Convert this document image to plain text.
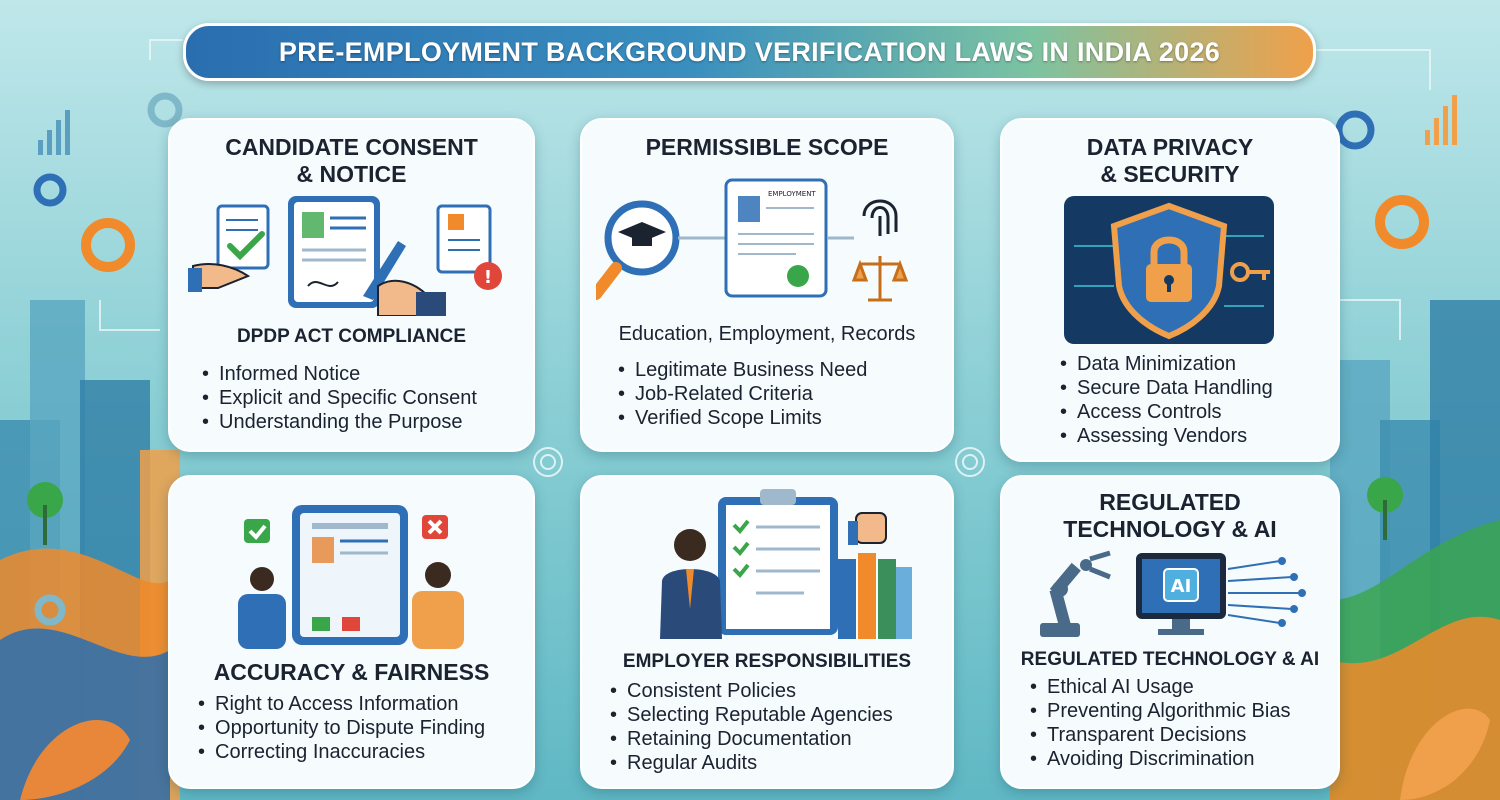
PRE-EMPLOYMENT BACKGROUND VERIFICATION LAWS IN INDIA 2026
CANDIDATE CONSENT
& NOTICE
!
DPDP ACT COMPLIANCE
• Informed Notice
• Explicit and Specific Consent
• Understanding the Purpose
PERMISSIBLE SCOPE
EMPLOYMENT
Education, Employment, Records
• Legitimate Business Need
• Job-Related Criteria
• Verified Scope Limits
DATA PRIVACY
& SECURITY
• Data Minimization
• Secure Data Handling
• Access Controls
• Assessing Vendors
ACCURACY & FAIRNESS
• Right to Access Information
• Opportunity to Dispute Finding
• Correcting Inaccuracies
EMPLOYER RESPONSIBILITIES
• Consistent Policies
• Selecting Reputable Agencies
• Retaining Documentation
• Regular Audits
REGULATED
TECHNOLOGY & AI
AI
REGULATED TECHNOLOGY & AI
• Ethical AI Usage
• Preventing Algorithmic Bias
• Transparent Decisions
• Avoiding Discrimination
